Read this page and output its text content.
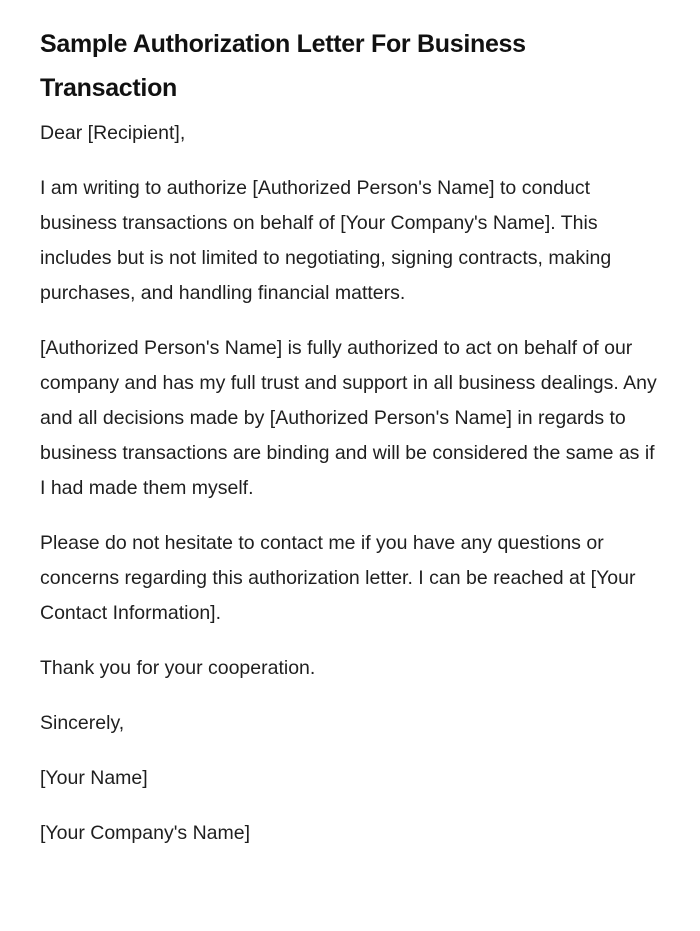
Sample Authorization Letter For Business Transaction

Dear [Recipient],

I am writing to authorize [Authorized Person's Name] to conduct business transactions on behalf of [Your Company's Name]. This includes but is not limited to negotiating, signing contracts, making purchases, and handling financial matters.

[Authorized Person's Name] is fully authorized to act on behalf of our company and has my full trust and support in all business dealings. Any and all decisions made by [Authorized Person's Name] in regards to business transactions are binding and will be considered the same as if I had made them myself.

Please do not hesitate to contact me if you have any questions or concerns regarding this authorization letter. I can be reached at [Your Contact Information].

Thank you for your cooperation.

Sincerely,

[Your Name]

[Your Company's Name]
